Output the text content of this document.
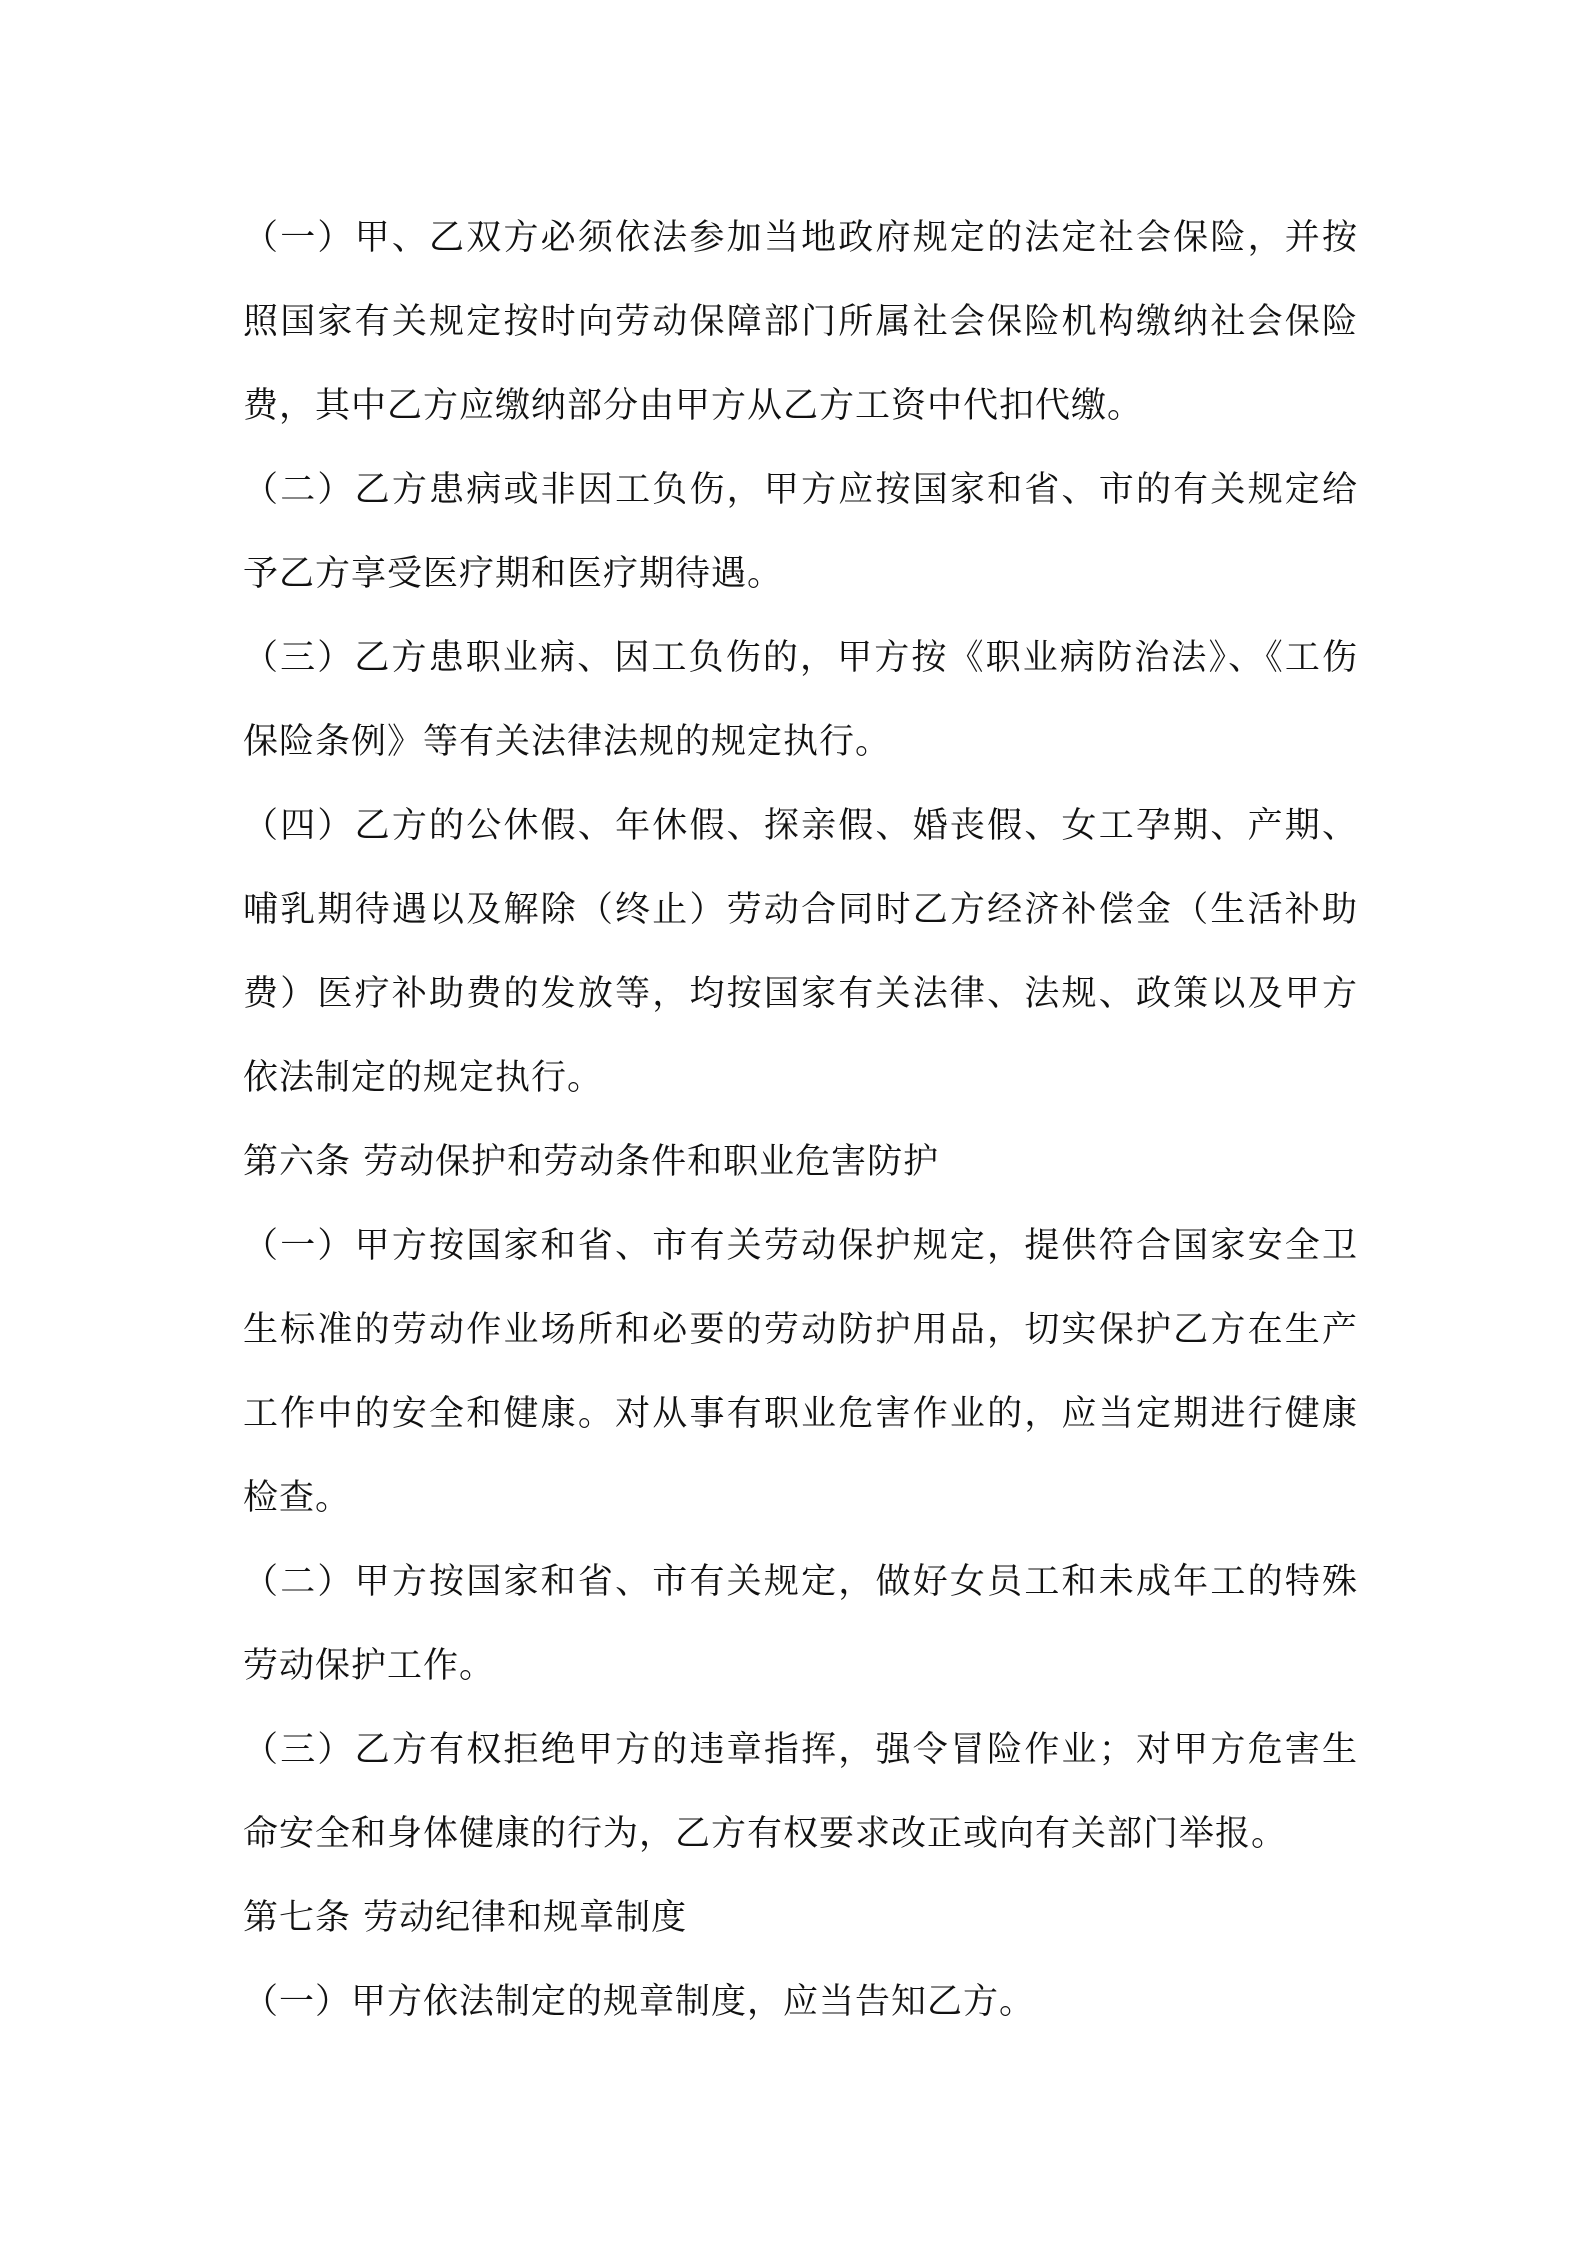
（一）甲、乙双方必须依法参加当地政府规定的法定社会保险，并按照国家有关规定按时向劳动保障部门所属社会保险机构缴纳社会保险费，其中乙方应缴纳部分由甲方从乙方工资中代扣代缴。

（二）乙方患病或非因工负伤，甲方应按国家和省、市的有关规定给予乙方享受医疗期和医疗期待遇。

（三）乙方患职业病、因工负伤的，甲方按《职业病防治法》、《工伤保险条例》等有关法律法规的规定执行。

（四）乙方的公休假、年休假、探亲假、婚丧假、女工孕期、产期、哺乳期待遇以及解除（终止）劳动合同时乙方经济补偿金（生活补助费）医疗补助费的发放等，均按国家有关法律、法规、政策以及甲方依法制定的规定执行。

第六条 劳动保护和劳动条件和职业危害防护

（一）甲方按国家和省、市有关劳动保护规定，提供符合国家安全卫生标准的劳动作业场所和必要的劳动防护用品，切实保护乙方在生产工作中的安全和健康。对从事有职业危害作业的，应当定期进行健康检查。

（二）甲方按国家和省、市有关规定，做好女员工和未成年工的特殊劳动保护工作。

（三）乙方有权拒绝甲方的违章指挥，强令冒险作业；对甲方危害生命安全和身体健康的行为，乙方有权要求改正或向有关部门举报。

第七条 劳动纪律和规章制度

（一）甲方依法制定的规章制度，应当告知乙方。
